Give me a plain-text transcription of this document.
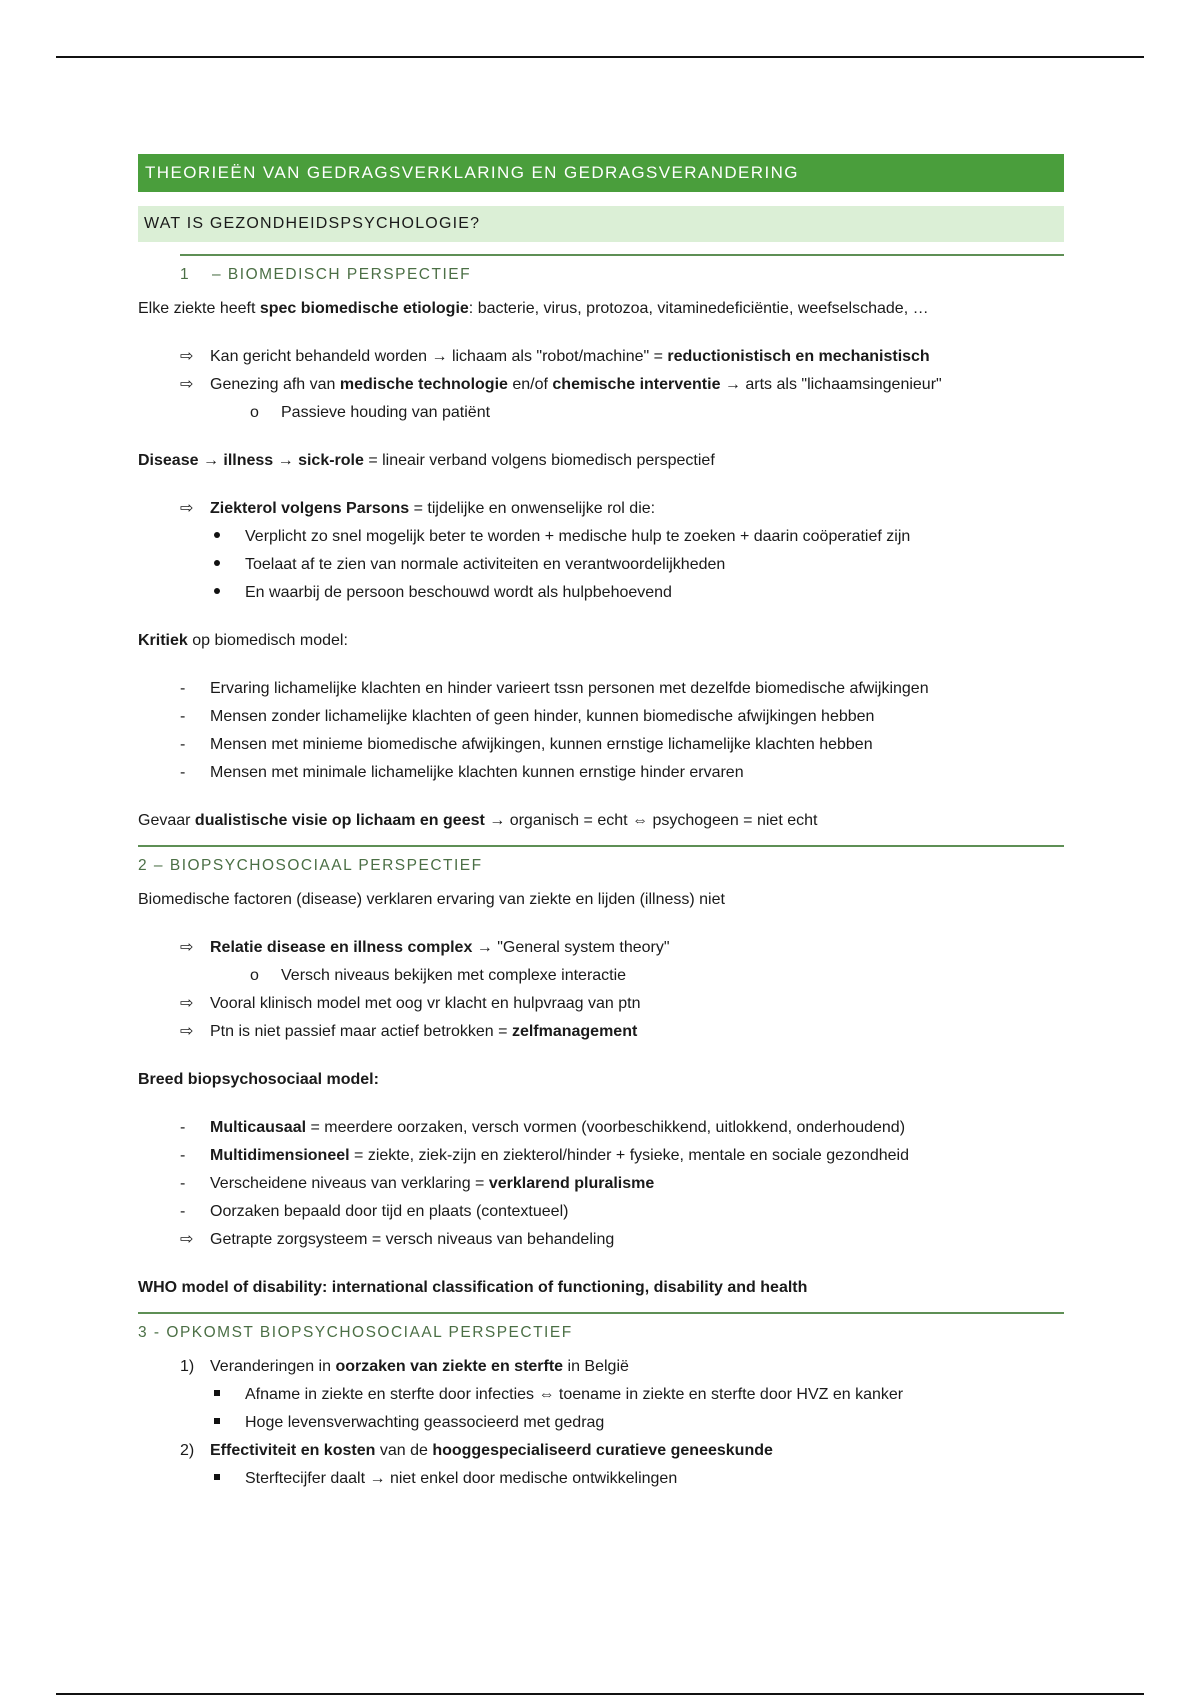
THEORIEËN VAN GEDRAGSVERKLARING EN GEDRAGSVERANDERING
WAT IS GEZONDHEIDSPSYCHOLOGIE?
1 – BIOMEDISCH PERSPECTIEF

Elke ziekte heeft spec biomedische etiologie: bacterie, virus, protozoa, vitaminedeficiëntie, weefselschade, …

⇨	Kan gericht behandeld worden → lichaam als "robot/machine" = reductionistisch en mechanistisch
⇨	Genezing afh van medische technologie en/of chemische interventie → arts als "lichaamsingenieur"
o	Passieve houding van patiënt

Disease → illness → sick-role = lineair verband volgens biomedisch perspectief

⇨	Ziekterol volgens Parsons = tijdelijke en onwenselijke rol die:
Verplicht zo snel mogelijk beter te worden + medische hulp te zoeken + daarin coöperatief zijn
Toelaat af te zien van normale activiteiten en verantwoordelijkheden
En waarbij de persoon beschouwd wordt als hulpbehoevend

Kritiek op biomedisch model:

-	Ervaring lichamelijke klachten en hinder varieert tssn personen met dezelfde biomedische afwijkingen
-	Mensen zonder lichamelijke klachten of geen hinder, kunnen biomedische afwijkingen hebben
-	Mensen met minieme biomedische afwijkingen, kunnen ernstige lichamelijke klachten hebben
-	Mensen met minimale lichamelijke klachten kunnen ernstige hinder ervaren

Gevaar dualistische visie op lichaam en geest → organisch = echt ⇔ psychogeen = niet echt

2 – BIOPSYCHOSOCIAAL PERSPECTIEF

Biomedische factoren (disease) verklaren ervaring van ziekte en lijden (illness) niet

⇨	Relatie disease en illness complex → "General system theory"
o	Versch niveaus bekijken met complexe interactie
⇨	Vooral klinisch model met oog vr klacht en hulpvraag van ptn
⇨	Ptn is niet passief maar actief betrokken = zelfmanagement

Breed biopsychosociaal model:

-	Multicausaal = meerdere oorzaken, versch vormen (voorbeschikkend, uitlokkend, onderhoudend)
-	Multidimensioneel = ziekte, ziek-zijn en ziekterol/hinder + fysieke, mentale en sociale gezondheid
-	Verscheidene niveaus van verklaring = verklarend pluralisme
-	Oorzaken bepaald door tijd en plaats (contextueel)
⇨	Getrapte zorgsysteem = versch niveaus van behandeling

WHO model of disability: international classification of functioning, disability and health

3 - OPKOMST BIOPSYCHOSOCIAAL PERSPECTIEF
1) Veranderingen in oorzaken van ziekte en sterfte in België
Afname in ziekte en sterfte door infecties ⇔ toename in ziekte en sterfte door HVZ en kanker
Hoge levensverwachting geassocieerd met gedrag
2) Effectiviteit en kosten van de hooggespecialiseerd curatieve geneeskunde
Sterftecijfer daalt → niet enkel door medische ontwikkelingen
